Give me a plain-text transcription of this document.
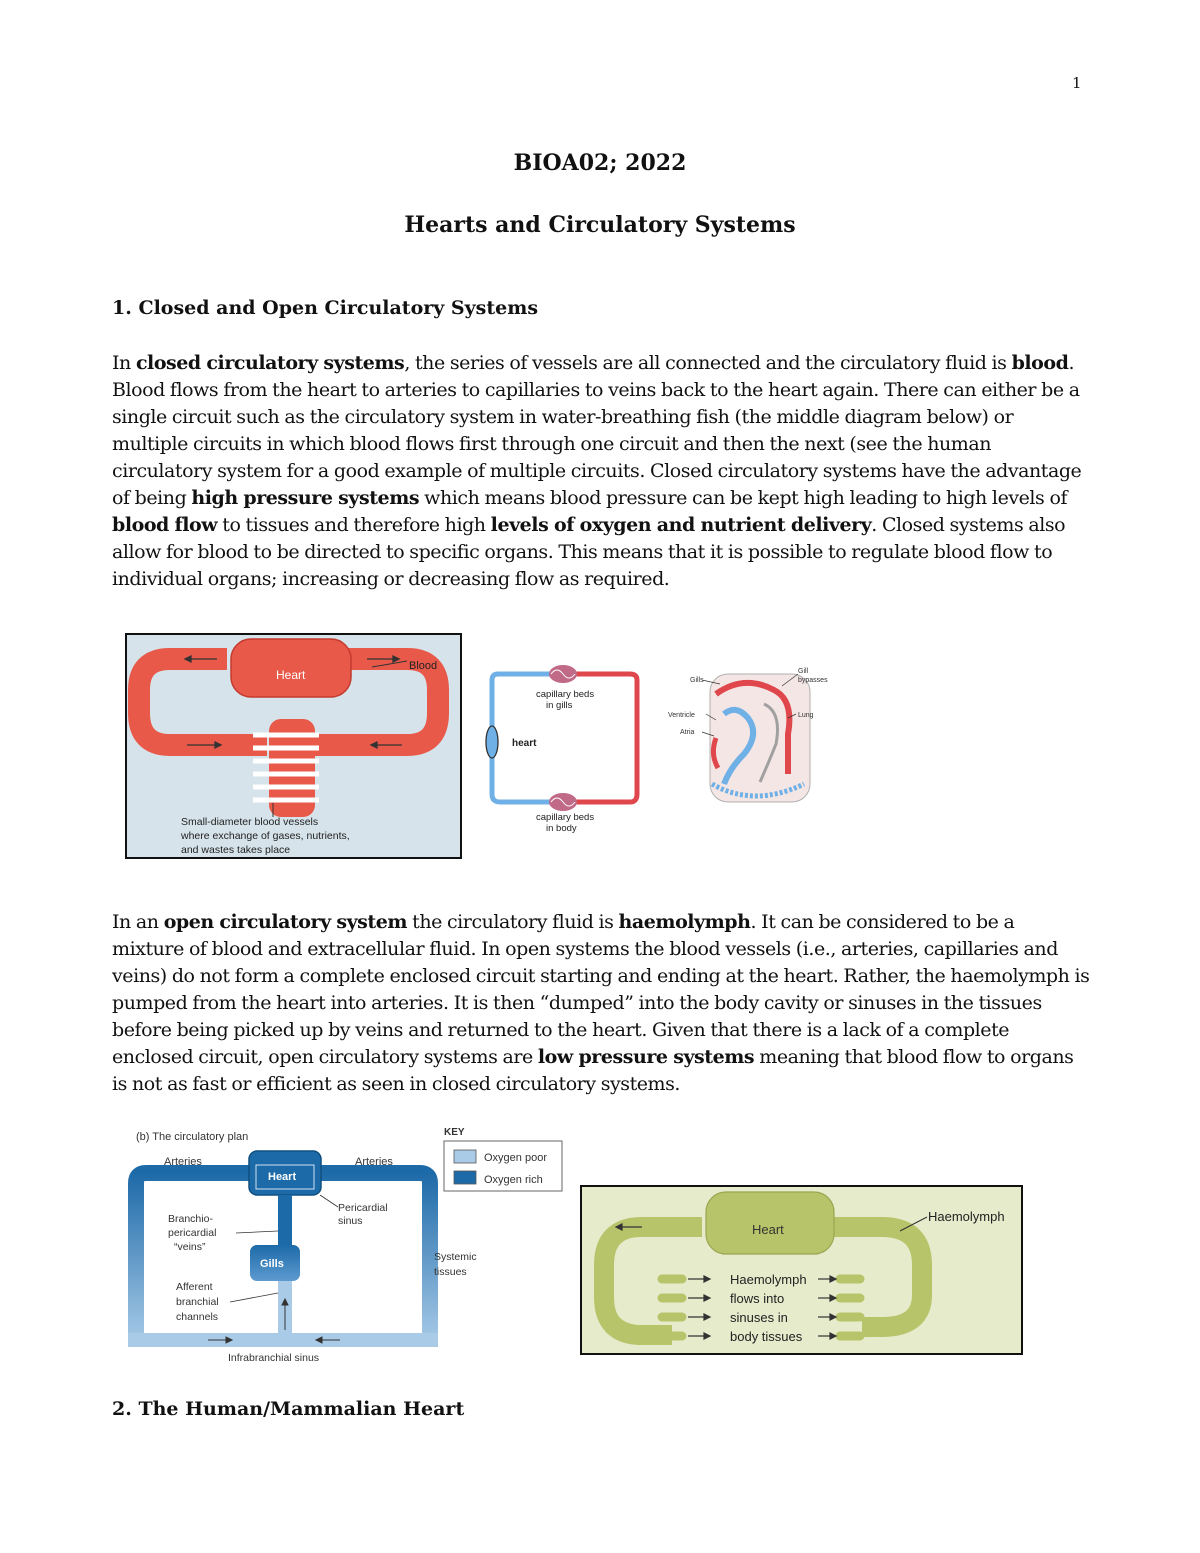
1
BIOA02; 2022
Hearts and Circulatory Systems
1. Closed and Open Circulatory Systems
In closed circulatory systems, the series of vessels are all connected and the circulatory fluid is blood. Blood flows from the heart to arteries to capillaries to veins back to the heart again. There can either be a single circuit such as the circulatory system in water-breathing fish (the middle diagram below) or multiple circuits in which blood flows first through one circuit and then the next (see the human circulatory system for a good example of multiple circuits. Closed circulatory systems have the advantage of being high pressure systems which means blood pressure can be kept high leading to high levels of blood flow to tissues and therefore high levels of oxygen and nutrient delivery. Closed systems also allow for blood to be directed to specific organs. This means that it is possible to regulate blood flow to individual organs; increasing or decreasing flow as required.
Heart
Blood
Small-diameter blood vessels
where exchange of gases, nutrients,
and wastes takes place
capillary beds
in gills
heart
capillary beds
in body
Gills
Gill
bypasses
Ventricle	Lung
Atria
In an open circulatory system the circulatory fluid is haemolymph. It can be considered to be a mixture of blood and extracellular fluid. In open systems the blood vessels (i.e., arteries, capillaries and veins) do not form a complete enclosed circuit starting and ending at the heart. Rather, the haemolymph is pumped from the heart into arteries. It is then “dumped” into the body cavity or sinuses in the tissues before being picked up by veins and returned to the heart. Given that there is a lack of a complete enclosed circuit, open circulatory systems are low pressure systems meaning that blood flow to organs is not as fast or efficient as seen in closed circulatory systems.
(b) The circulatory plan
Arteries	Arteries
KEY
Oxygen poor
Oxygen rich
Heart
Gills
Pericardial
sinus
Branchio-
pericardial
“veins”
Systemic
tissues
Afferent
branchial
channels
Infrabranchial sinus
Heart
Haemolymph
Haemolymph
flows into
sinuses in
body tissues
2. The Human/Mammalian Heart
